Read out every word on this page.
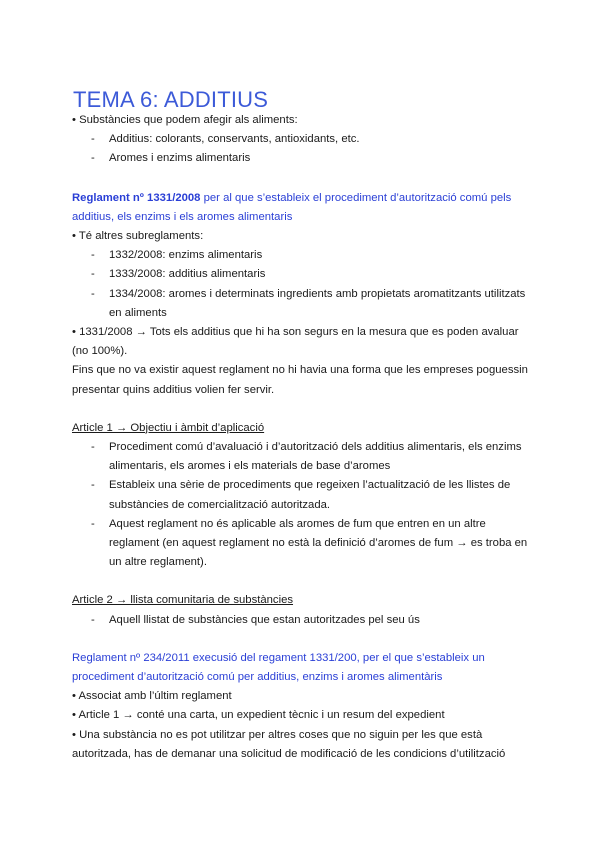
TEMA 6: ADDITIUS
• Substàncies que podem afegir als aliments:
- Additius: colorants, conservants, antioxidants, etc.
- Aromes i enzims alimentaris
Reglament nº 1331/2008 per al que s’estableix el procediment d’autorització comú pels
additius, els enzims i els aromes alimentaris
• Té altres subreglaments:
- 1332/2008: enzims alimentaris
- 1333/2008: additius alimentaris
- 1334/2008: aromes i determinats ingredients amb propietats aromatitzants utilitzats
en aliments
• 1331/2008 → Tots els additius que hi ha son segurs en la mesura que es poden avaluar
(no 100%).
Fins que no va existir aquest reglament no hi havia una forma que les empreses poguessin
presentar quins additius volien fer servir.
Article 1 → Objectiu i àmbit d’aplicació
- Procediment comú d’avaluació i d’autorització dels additius alimentaris, els enzims
alimentaris, els aromes i els materials de base d’aromes
- Estableix una sèrie de procediments que regeixen l’actualització de les llistes de
substàncies de comercialització autoritzada.
- Aquest reglament no és aplicable als aromes de fum que entren en un altre
reglament (en aquest reglament no està la definició d’aromes de fum → es troba en
un altre reglament).
Article 2 → llista comunitaria de substàncies
- Aquell llistat de substàncies que estan autoritzades pel seu ús
Reglament nº 234/2011 execusió del regament 1331/200, per el que s’estableix un
procediment d’autorització comú per additius, enzims i aromes alimentàris
• Associat amb l’últim reglament
• Article 1 → conté una carta, un expedient tècnic i un resum del expedient
• Una substància no es pot utilitzar per altres coses que no siguin per les que està
autoritzada, has de demanar una solicitud de modificació de les condicions d’utilització
